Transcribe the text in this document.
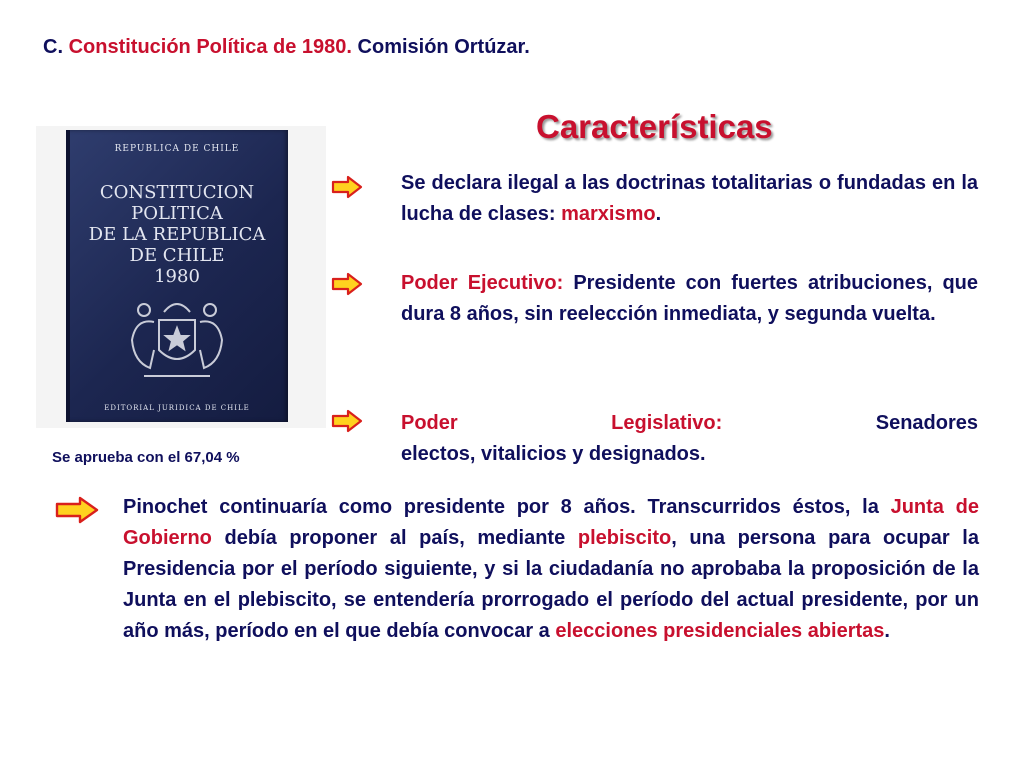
C. Constitución Política de 1980. Comisión Ortúzar.
Características
REPUBLICA DE CHILE
CONSTITUCION
POLITICA
DE LA REPUBLICA
DE CHILE
1980
EDITORIAL JURIDICA DE CHILE

Se aprueba con el 67,04 %

Se declara ilegal a las doctrinas totalitarias o fundadas en la lucha de clases: marxismo.

Poder Ejecutivo: Presidente con fuertes atribuciones, que dura 8 años, sin reelección inmediata, y segunda vuelta.

Poder	Legislativo:	Senadores
electos, vitalicios y designados.

Pinochet continuaría como presidente por 8 años. Transcurridos éstos, la Junta de Gobierno debía proponer al país, mediante plebiscito, una persona para ocupar la Presidencia por el período siguiente, y si la ciudadanía no aprobaba la proposición de la Junta en el plebiscito, se entendería prorrogado el período del actual presidente, por un año más, período en el que debía convocar a elecciones presidenciales abiertas.
